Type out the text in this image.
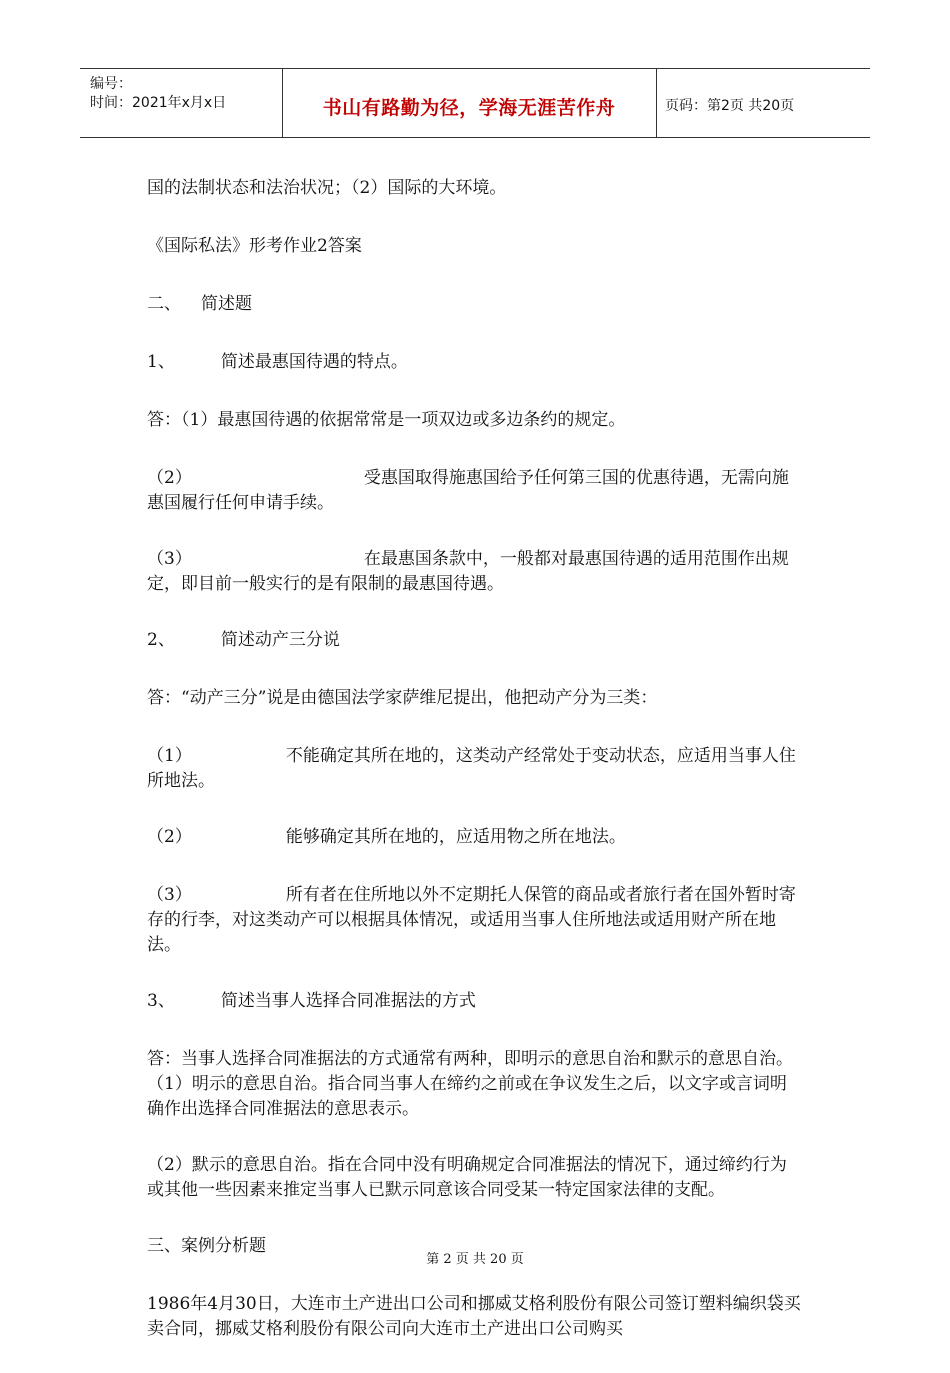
编号：
时间：2021年x月x日	书山有路勤为径，学海无涯苦作舟	页码：第2页 共20页

国的法制状态和法治状况；（2）国际的大环境。

《国际私法》形考作业2答案

二、 简述题

1、	简述最惠国待遇的特点。

答：（1）最惠国待遇的依据常常是一项双边或多边条约的规定。

（2）	受惠国取得施惠国给予任何第三国的优惠待遇，无需向施惠国履行任何申请手续。

（3）	在最惠国条款中，一般都对最惠国待遇的适用范围作出规定，即目前一般实行的是有限制的最惠国待遇。

2、	简述动产三分说

答：“动产三分”说是由德国法学家萨维尼提出，他把动产分为三类：

（1）	不能确定其所在地的，这类动产经常处于变动状态，应适用当事人住所地法。

（2）	能够确定其所在地的，应适用物之所在地法。

（3）	所有者在住所地以外不定期托人保管的商品或者旅行者在国外暂时寄存的行李，对这类动产可以根据具体情况，或适用当事人住所地法或适用财产所在地法。

3、	简述当事人选择合同准据法的方式

答：当事人选择合同准据法的方式通常有两种，即明示的意思自治和默示的意思自治。（1）明示的意思自治。指合同当事人在缔约之前或在争议发生之后，以文字或言词明确作出选择合同准据法的意思表示。

（2）默示的意思自治。指在合同中没有明确规定合同准据法的情况下，通过缔约行为或其他一些因素来推定当事人已默示同意该合同受某一特定国家法律的支配。

三、案例分析题

1986年4月30日，大连市土产进出口公司和挪威艾格利股份有限公司签订塑料编织袋买卖合同，挪威艾格利股份有限公司向大连市土产进出口公司购买

第 2 页 共 20 页
